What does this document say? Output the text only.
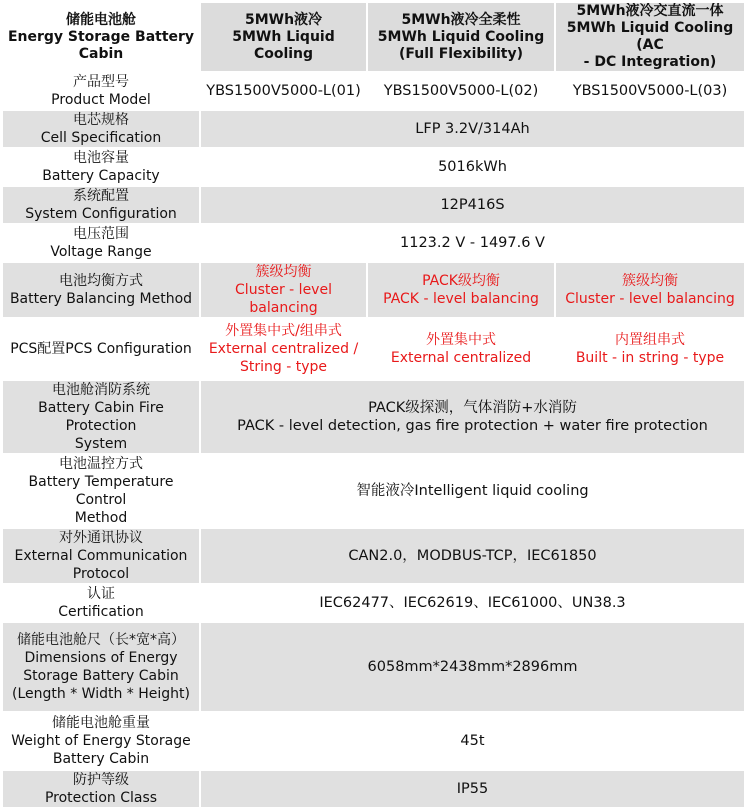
储能电池舱
Energy Storage Battery
Cabin	5MWh液冷
5MWh Liquid Cooling	5MWh液冷全柔性
5MWh Liquid Cooling
(Full Flexibility)	5MWh液冷交直流一体
5MWh Liquid Cooling (AC
- DC Integration)

产品型号
Product Model	YBS1500V5000-L(01)	YBS1500V5000-L(02)	YBS1500V5000-L(03)

电芯规格
Cell Specification	LFP 3.2V/314Ah		

电池容量
Battery Capacity	5016kWh		

系统配置
System Configuration	12P416S		

电压范围
Voltage Range	1123.2 V - 1497.6 V		

电池均衡方式
Battery Balancing Method	簇级均衡
Cluster - level balancing	PACK级均衡
PACK - level balancing	簇级均衡
Cluster - level balancing

PCS配置PCS Configuration	外置集中式/组串式
External centralized /
String - type	外置集中式
External centralized	内置组串式
Built - in string - type

电池舱消防系统
Battery Cabin Fire Protection
System	PACK级探测，气体消防+水消防
PACK - level detection, gas fire protection + water fire protection		

电池温控方式
Battery Temperature Control
Method	智能液冷Intelligent liquid cooling		

对外通讯协议
External Communication
Protocol	CAN2.0，MODBUS-TCP，IEC61850		

认证
Certification	IEC62477、IEC62619、IEC61000、UN38.3		

储能电池舱尺（长*宽*高）
Dimensions of Energy
Storage Battery Cabin
(Length * Width * Height)	6058mm*2438mm*2896mm		

储能电池舱重量
Weight of Energy Storage
Battery Cabin	45t		

防护等级
Protection Class	IP55		
